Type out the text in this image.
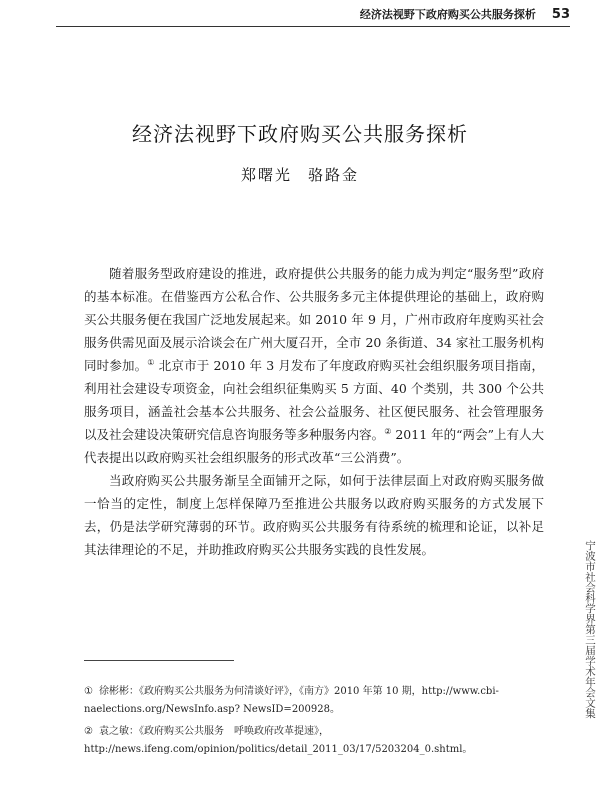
经济法视野下政府购买公共服务探析 53
经济法视野下政府购买公共服务探析
郑曙光 骆路金

随着服务型政府建设的推进，政府提供公共服务的能力成为判定“服务型”政府的基本标准。在借鉴西方公私合作、公共服务多元主体提供理论的基础上，政府购买公共服务便在我国广泛地发展起来。如 2010 年 9 月，广州市政府年度购买社会服务供需见面及展示洽谈会在广州大厦召开，全市 20 条街道、34 家社工服务机构同时参加。① 北京市于 2010 年 3 月发布了年度政府购买社会组织服务项目指南，利用社会建设专项资金，向社会组织征集购买 5 方面、40 个类别，共 300 个公共服务项目，涵盖社会基本公共服务、社会公益服务、社区便民服务、社会管理服务以及社会建设决策研究信息咨询服务等多种服务内容。② 2011 年的“两会”上有人大代表提出以政府购买社会组织服务的形式改革“三公消费”。

当政府购买公共服务渐呈全面铺开之际，如何于法律层面上对政府购买服务做一恰当的定性，制度上怎样保障乃至推进公共服务以政府购买服务的方式发展下去，仍是法学研究薄弱的环节。政府购买公共服务有待系统的梳理和论证，以补足其法律理论的不足，并助推政府购买公共服务实践的良性发展。

① 徐彬彬：《政府购买公共服务为何清谈好评》，《南方》2010 年第 10 期，http://www.cbi-naelections.org/NewsInfo.asp? NewsID=200928。

② 袁之敏：《政府购买公共服务　呼唤政府改革提速》，http://news.ifeng.com/opinion/politics/detail_2011_03/17/5203204_0.shtml。

宁波市社会科学界第三届学术年会文集
